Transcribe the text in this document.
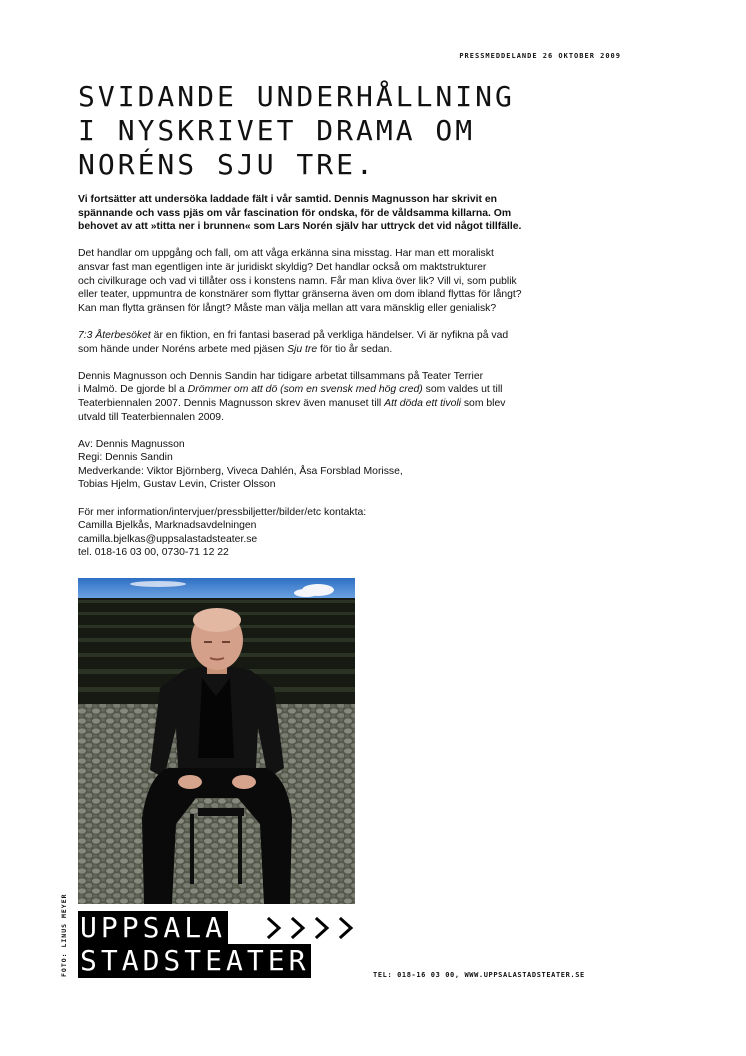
PRESSMEDDELANDE 26 OKTOBER 2009
SVIDANDE UNDERHÅLLNING
I NYSKRIVET DRAMA OM
NORÉNS SJU TRE.

Vi fortsätter att undersöka laddade fält i vår samtid. Dennis Magnusson har skrivit en
spännande och vass pjäs om vår fascination för ondska, för de våldsamma killarna. Om
behovet av att »titta ner i brunnen« som Lars Norén själv har uttryck det vid något tillfälle.

Det handlar om uppgång och fall, om att våga erkänna sina misstag. Har man ett moraliskt
ansvar fast man egentligen inte är juridiskt skyldig? Det handlar också om maktstrukturer
och civilkurage och vad vi tillåter oss i konstens namn. Får man kliva över lik? Vill vi, som publik
eller teater, uppmuntra de konstnärer som flyttar gränserna även om dom ibland flyttas för långt?
Kan man flytta gränsen för långt? Måste man välja mellan att vara mänsklig eller genialisk?

7:3 Återbesöket är en fiktion, en fri fantasi baserad på verkliga händelser. Vi är nyfikna på vad
som hände under Noréns arbete med pjäsen Sju tre för tio år sedan.

Dennis Magnusson och Dennis Sandin har tidigare arbetat tillsammans på Teater Terrier
i Malmö. De gjorde bl a Drömmer om att dö (som en svensk med hög cred) som valdes ut till
Teaterbiennalen 2007. Dennis Magnusson skrev även manuset till Att döda ett tivoli som blev
utvald till Teaterbiennalen 2009.

Av: Dennis Magnusson
Regi: Dennis Sandin
Medverkande: Viktor Björnberg, Viveca Dahlén, Åsa Forsblad Morisse,
Tobias Hjelm, Gustav Levin, Crister Olsson

För mer information/intervjuer/pressbiljetter/bilder/etc kontakta:
Camilla Bjelkås, Marknadsavdelningen
camilla.bjelkas@uppsalastadsteater.se
tel. 018-16 03 00, 0730-71 12 22

FOTO: LINUS MEYER UPPSALA
STADSTEATER	TEL: 018-16 03 00, WWW.UPPSALASTADSTEATER.SE
